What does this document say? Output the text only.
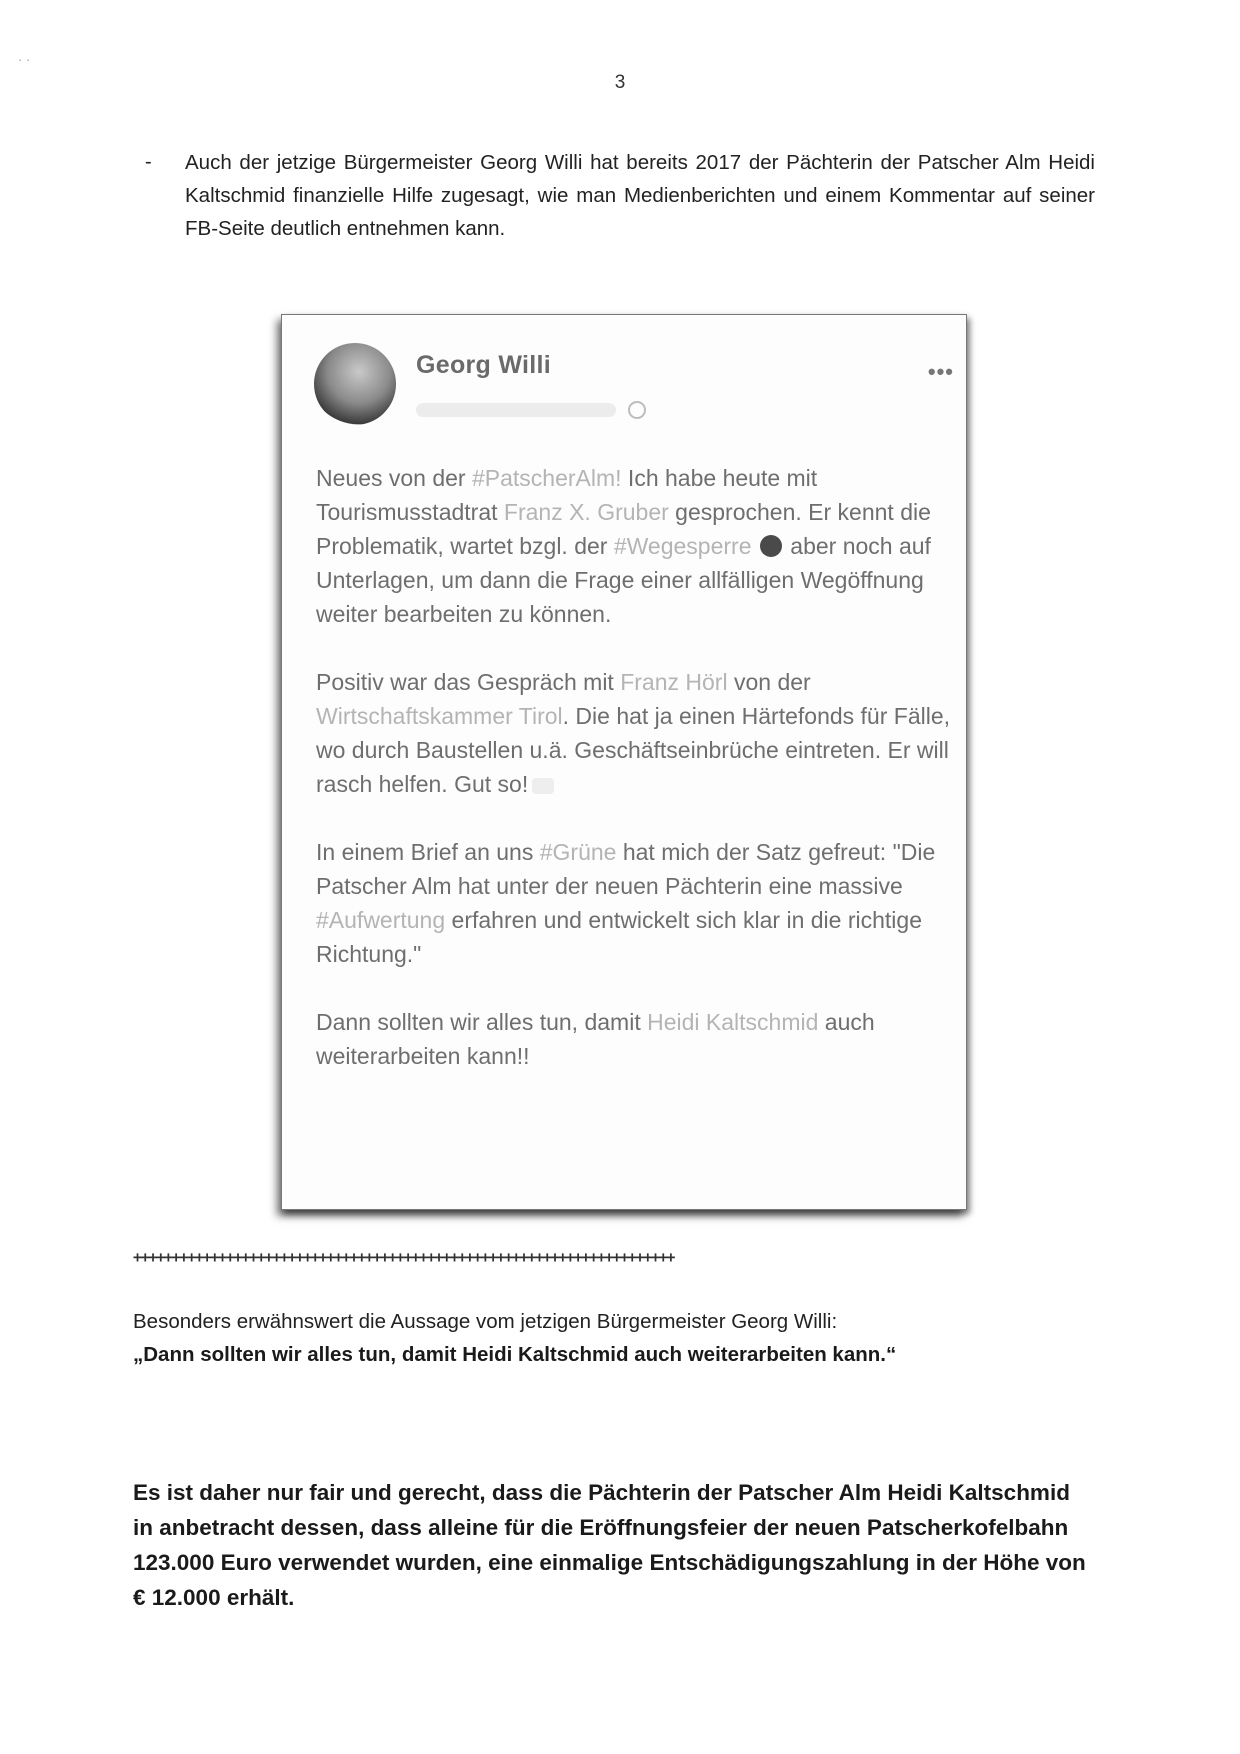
· ·
3
-	Auch der jetzige Bürgermeister Georg Willi hat bereits 2017 der Pächterin der Patscher Alm Heidi Kaltschmid finanzielle Hilfe zugesagt, wie man Medienberichten und einem Kommentar auf seiner FB-Seite deutlich entnehmen kann.
Georg Willi	•••

Neues von der #PatscherAlm! Ich habe heute mit Tourismusstadtrat Franz X. Gruber gesprochen. Er kennt die Problematik, wartet bzgl. der #Wegesperre  aber noch auf Unterlagen, um dann die Frage einer allfälligen Wegöffnung weiter bearbeiten zu können.

Positiv war das Gespräch mit Franz Hörl von der Wirtschaftskammer Tirol. Die hat ja einen Härtefonds für Fälle, wo durch Baustellen u.ä. Geschäftseinbrüche eintreten. Er will rasch helfen. Gut so!

In einem Brief an uns #Grüne hat mich der Satz gefreut: "Die Patscher Alm hat unter der neuen Pächterin eine massive #Aufwertung erfahren und entwickelt sich klar in die richtige Richtung."

Dann sollten wir alles tun, damit Heidi Kaltschmid auch weiterarbeiten kann!!

++++++++++++++++++++++++++++++++++++++++++++++++++++++++++++++++++++++
Besonders erwähnswert die Aussage vom jetzigen Bürgermeister Georg Willi:
„Dann sollten wir alles tun, damit Heidi Kaltschmid auch weiterarbeiten kann.“
Es ist daher nur fair und gerecht, dass die Pächterin der Patscher Alm Heidi Kaltschmid in anbetracht dessen, dass alleine für die Eröffnungsfeier der neuen Patscherkofelbahn 123.000 Euro verwendet wurden, eine einmalige Entschädigungszahlung in der Höhe von € 12.000 erhält.
